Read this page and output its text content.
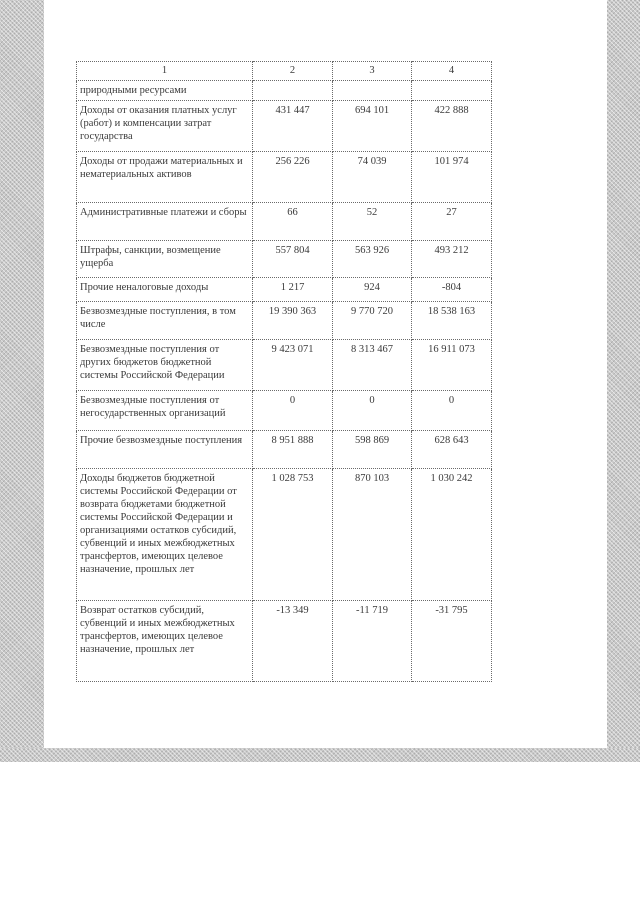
1	2	3	4
природными ресурсами			
Доходы от оказания платных услуг (работ) и компенсации затрат государства	431 447	694 101	422 888
Доходы от продажи материальных и нематериальных активов	256 226	74 039	101 974
Административные платежи и сборы	66	52	27
Штрафы, санкции, возмещение ущерба	557 804	563 926	493 212
Прочие неналоговые доходы	1 217	924	-804
Безвозмездные поступления, в том числе	19 390 363	9 770 720	18 538 163
Безвозмездные поступления от других бюджетов бюджетной системы Российской Федерации	9 423 071	8 313 467	16 911 073
Безвозмездные поступления от негосударственных организаций	0	0	0
Прочие безвозмездные поступления	8 951 888	598 869	628 643
Доходы бюджетов бюджетной системы Российской Федерации от возврата бюджетами бюджетной системы Российской Федерации и организациями остатков субсидий, субвенций и иных межбюджетных трансфертов, имеющих целевое назначение, прошлых лет	1 028 753	870 103	1 030 242
Возврат остатков субсидий, субвенций и иных межбюджетных трансфертов, имеющих целевое назначение, прошлых лет	-13 349	-11 719	-31 795
